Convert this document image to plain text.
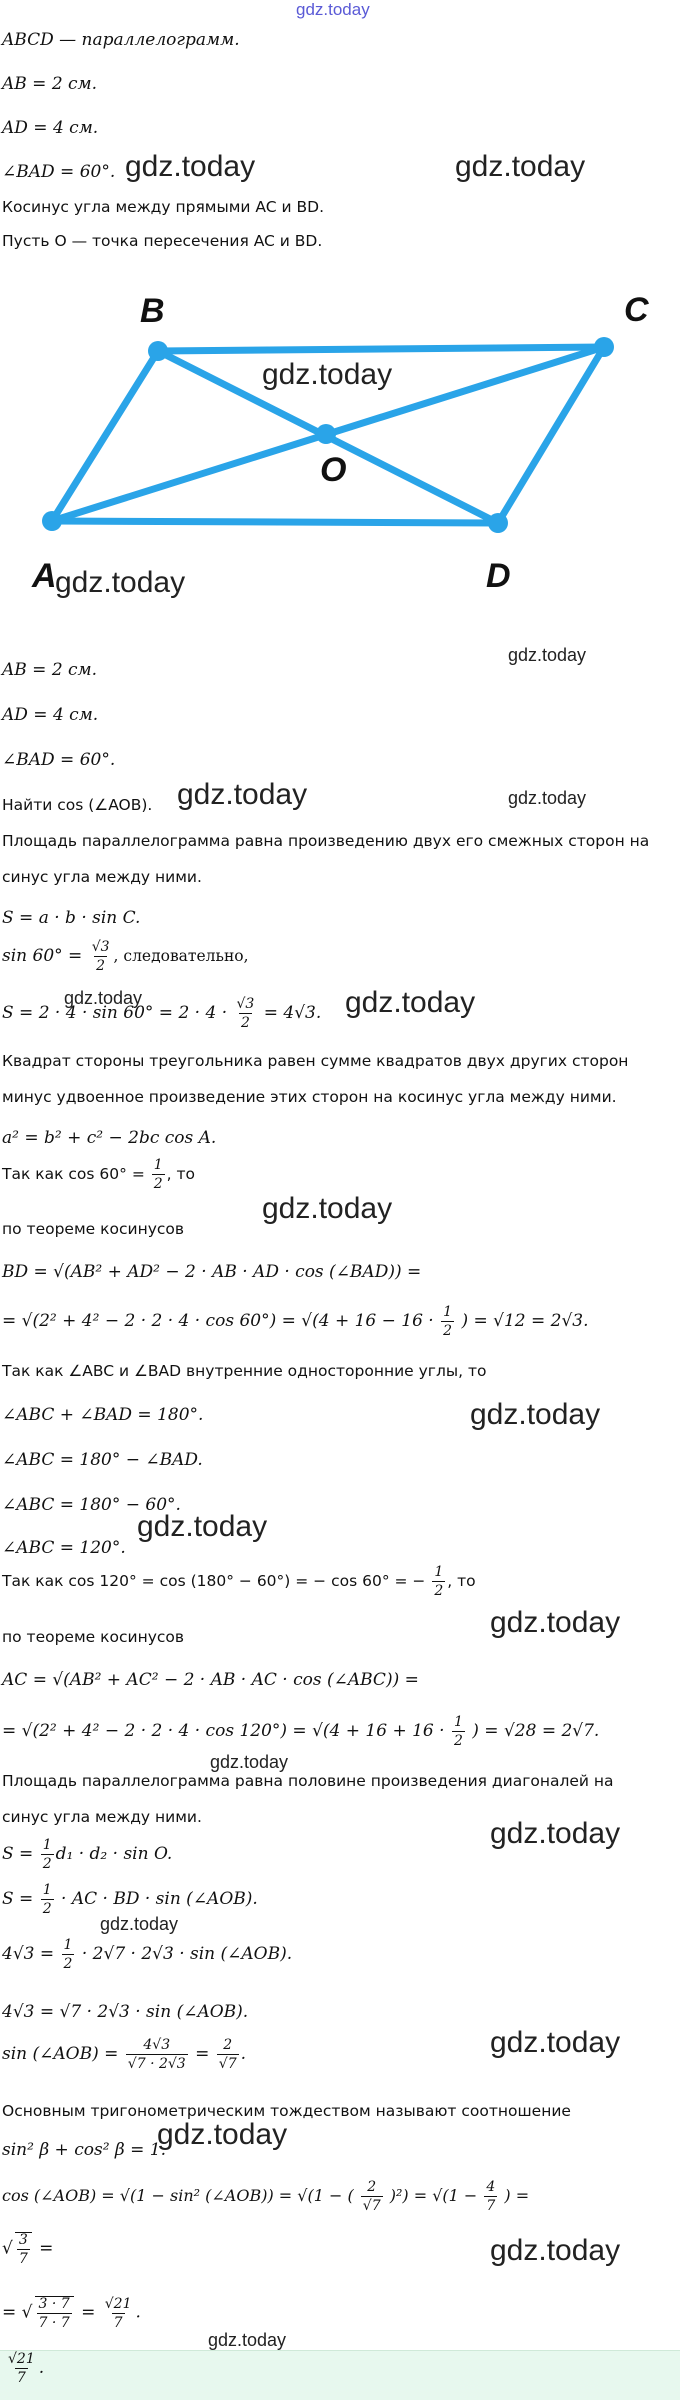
gdz.today
ABCD — параллелограмм.
AB = 2 см.
AD = 4 см.
∠BAD = 60°.
Косинус угла между прямыми AC и BD.
Пусть O — точка пересечения AC и BD.
B	C
O
A	D
AB = 2 см.
AD = 4 см.
∠BAD = 60°.
Найти cos (∠AOB).
Площадь параллелограмма равна произведению двух его смежных сторон на
синус угла между ними.
S = a · b · sin C.
$\sin 60^\circ = \frac{√3}{2}$ , следовательно,
$S = 2 \cdot 4 \cdot \sin 60^\circ = 2 \cdot 4 \cdot \frac{√3}{2} = 4√3$.
Квадрат стороны треугольника равен сумме квадратов двух других сторон
минус удвоенное произведение этих сторон на косинус угла между ними.
a² = b² + c² − 2bc cos A.
Так как $\cos 60^\circ = \frac{1}{2}$ , то
по теореме косинусов
BD = √(AB² + AD² − 2 · AB · AD · cos (∠BAD)) =
= $√(2^2 + 4^2 - 2 \cdot 2 \cdot 4 \cdot \cos 60^\circ) = √(4 + 16 - 16 \cdot \frac{1}{2}$ ) = √12 = 2√3.
Так как ∠ABC и ∠BAD внутренние односторонние углы, то
∠ABC + ∠BAD = 180°.
∠ABC = 180° − ∠BAD.
∠ABC = 180° − 60°.
∠ABC = 120°.
Так как cos 120° = cos (180° − 60°) = − cos 60° = − $\frac{1}{2}$ , то
по теореме косинусов
AC = √(AB² + AC² − 2 · AB · AC · cos (∠ABC)) =
= $√(2^2 + 4^2 - 2 \cdot 2 \cdot 4 \cdot \cos 120^\circ) = √(4 + 16 + 16 \cdot \frac{1}{2}$ ) = √28 = 2√7.
Площадь параллелограмма равна половине произведения диагоналей на
синус угла между ними.
$S = \frac{1}{2} d_1 \cdot d_2 \cdot \sin O$.
$S = \frac{1}{2}$ · AC · BD · sin (∠AOB).
$4√3 = \frac{1}{2} \cdot 2√7 \cdot 2√3 \cdot \sin$ (∠AOB).
4√3 = √7 · 2√3 · sin (∠AOB).
sin (∠AOB) = $\frac{4√3}{√7 \cdot 2√3} = \frac{2}{√7}$ .
Основным тригонометрическим тождеством называют соотношение
sin² β + cos² β = 1.
cos (∠AOB) = √(1 − sin² (∠AOB)) = √(1 − ( $\frac{2}{√7} )^2) = √(1 - \frac{4}{7}$ ) =
√ $\frac{3}{7}$ =
= √ $\frac{3 \cdot 7}{7 \cdot 7} = \frac{√21}{7}$ .
$\frac{√21}{7}$ .
gdz.today	gdz.today
gdz.today
gdz.today
gdz.today
gdz.today	gdz.today
gdz.today	gdz.today
gdz.today
gdz.today
gdz.today
gdz.today
gdz.today
gdz.today
gdz.today
gdz.today
gdz.today
gdz.today
gdz.today
